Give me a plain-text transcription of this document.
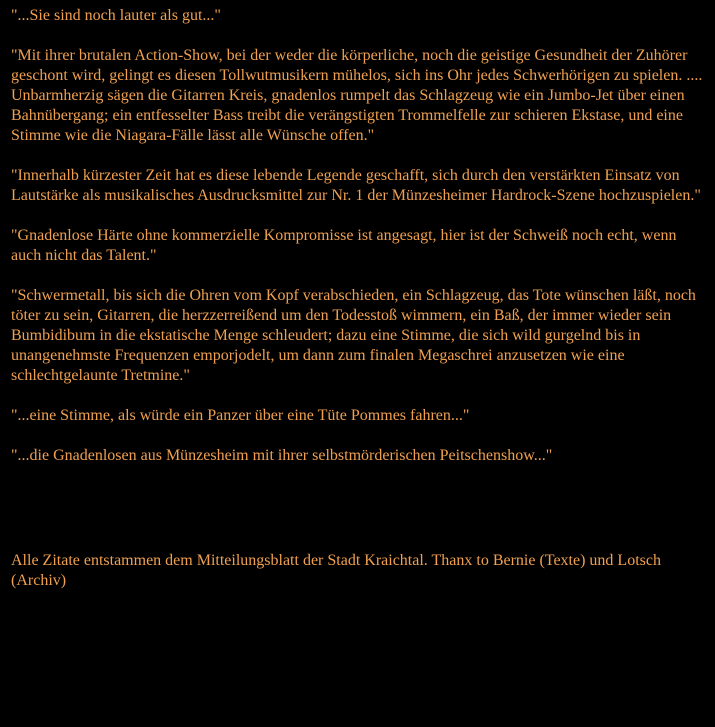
"...Sie sind noch lauter als gut..."

"Mit ihrer brutalen Action-Show, bei der weder die körperliche, noch die geistige Gesundheit der Zuhörer geschont wird, gelingt es diesen Tollwutmusikern mühelos, sich ins Ohr jedes Schwerhörigen zu spielen. .... Unbarmherzig sägen die Gitarren Kreis, gnadenlos rumpelt das Schlagzeug wie ein Jumbo-Jet über einen Bahnübergang; ein entfesselter Bass treibt die verängstigten Trommelfelle zur schieren Ekstase, und eine Stimme wie die Niagara-Fälle lässt alle Wünsche offen."

"Innerhalb kürzester Zeit hat es diese lebende Legende geschafft, sich durch den verstärkten Einsatz von Lautstärke als musikalisches Ausdrucksmittel zur Nr. 1 der Münzesheimer Hardrock-Szene hochzuspielen."

"Gnadenlose Härte ohne kommerzielle Kompromisse ist angesagt, hier ist der Schweiß noch echt, wenn auch nicht das Talent."

"Schwermetall, bis sich die Ohren vom Kopf verabschieden, ein Schlagzeug, das Tote wünschen läßt, noch töter zu sein, Gitarren, die herzzerreißend um den Todesstoß wimmern, ein Baß, der immer wieder sein Bumbidibum in die ekstatische Menge schleudert; dazu eine Stimme, die sich wild gurgelnd bis in unangenehmste Frequenzen emporjodelt, um dann zum finalen Megaschrei anzusetzen wie eine schlechtgelaunte Tretmine."

"...eine Stimme, als würde ein Panzer über eine Tüte Pommes fahren..."

"...die Gnadenlosen aus Münzesheim mit ihrer selbstmörderischen Peitschenshow..."

Alle Zitate entstammen dem Mitteilungsblatt der Stadt Kraichtal. Thanx to Bernie (Texte) und Lotsch (Archiv)
